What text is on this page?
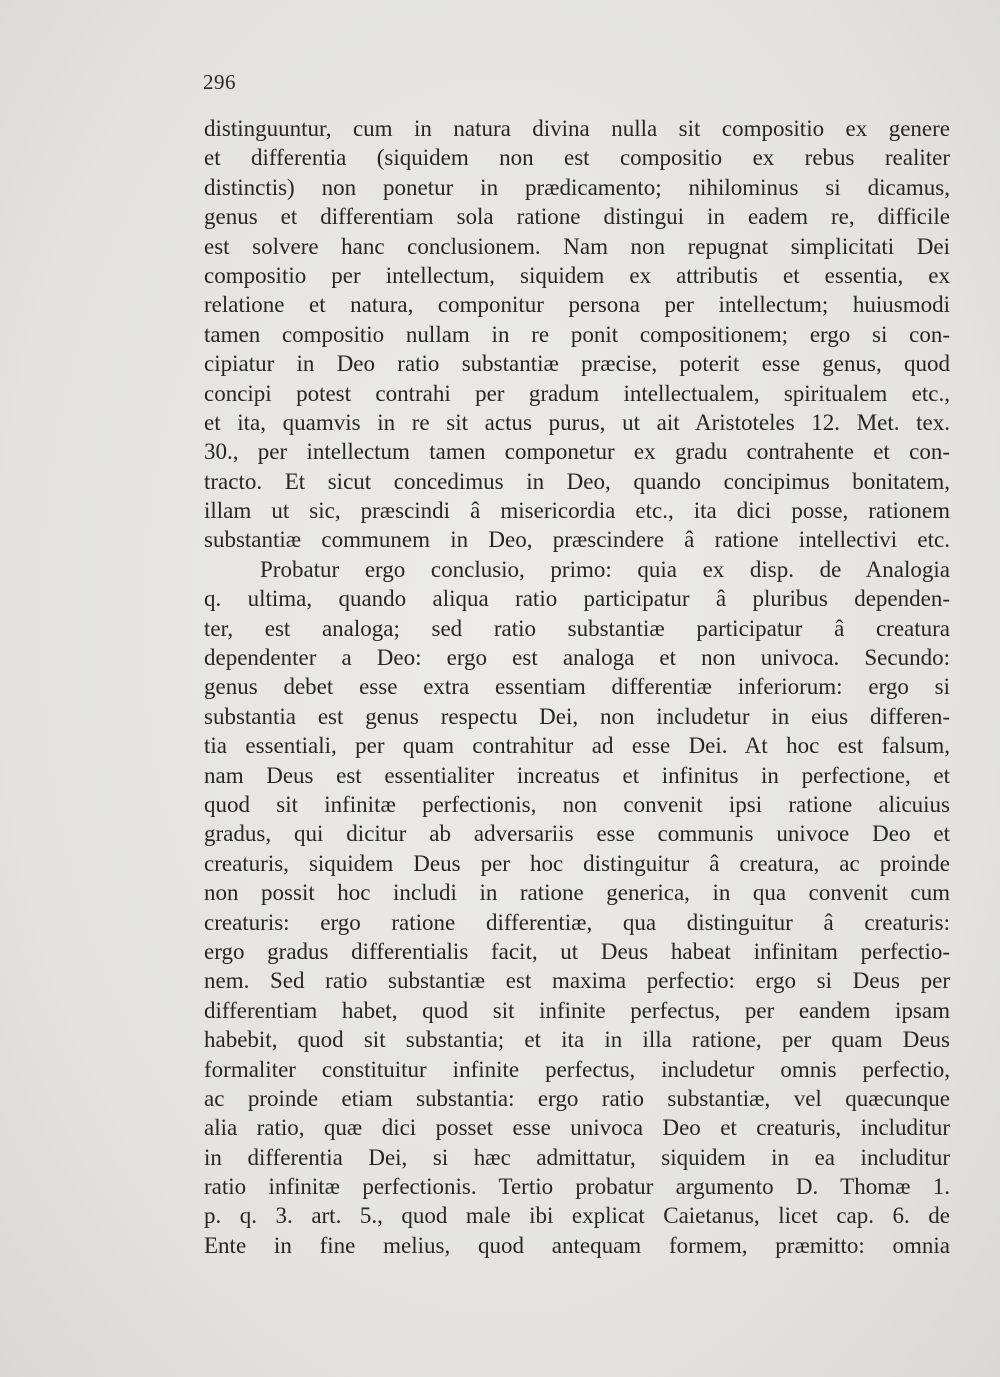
296
distinguuntur, cum in natura divina nulla sit compositio ex genere
et differentia (siquidem non est compositio ex rebus realiter
distinctis) non ponetur in prædicamento; nihilominus si dicamus,
genus et differentiam sola ratione distingui in eadem re, difficile
est solvere hanc conclusionem. Nam non repugnat simplicitati Dei
compositio per intellectum, siquidem ex attributis et essentia, ex
relatione et natura, componitur persona per intellectum; huiusmodi
tamen compositio nullam in re ponit compositionem; ergo si con-
cipiatur in Deo ratio substantiæ præcise, poterit esse genus, quod
concipi potest contrahi per gradum intellectualem, spiritualem etc.,
et ita, quamvis in re sit actus purus, ut ait Aristoteles 12. Met. tex.
30., per intellectum tamen componetur ex gradu contrahente et con-
tracto. Et sicut concedimus in Deo, quando concipimus bonitatem,
illam ut sic, præscindi â misericordia etc., ita dici posse, rationem
substantiæ communem in Deo, præscindere â ratione intellectivi etc.
Probatur ergo conclusio, primo: quia ex disp. de Analogia
q. ultima, quando aliqua ratio participatur â pluribus dependen-
ter, est analoga; sed ratio substantiæ participatur â creatura
dependenter a Deo: ergo est analoga et non univoca. Secundo:
genus debet esse extra essentiam differentiæ inferiorum: ergo si
substantia est genus respectu Dei, non includetur in eius differen-
tia essentiali, per quam contrahitur ad esse Dei. At hoc est falsum,
nam Deus est essentialiter increatus et infinitus in perfectione, et
quod sit infinitæ perfectionis, non convenit ipsi ratione alicuius
gradus, qui dicitur ab adversariis esse communis univoce Deo et
creaturis, siquidem Deus per hoc distinguitur â creatura, ac proinde
non possit hoc includi in ratione generica, in qua convenit cum
creaturis: ergo ratione differentiæ, qua distinguitur â creaturis:
ergo gradus differentialis facit, ut Deus habeat infinitam perfectio-
nem. Sed ratio substantiæ est maxima perfectio: ergo si Deus per
differentiam habet, quod sit infinite perfectus, per eandem ipsam
habebit, quod sit substantia; et ita in illa ratione, per quam Deus
formaliter constituitur infinite perfectus, includetur omnis perfectio,
ac proinde etiam substantia: ergo ratio substantiæ, vel quæcunque
alia ratio, quæ dici posset esse univoca Deo et creaturis, includitur
in differentia Dei, si hæc admittatur, siquidem in ea includitur
ratio infinitæ perfectionis. Tertio probatur argumento D. Thomæ 1.
p. q. 3. art. 5., quod male ibi explicat Caietanus, licet cap. 6. de
Ente in fine melius, quod antequam formem, præmitto: omnia
